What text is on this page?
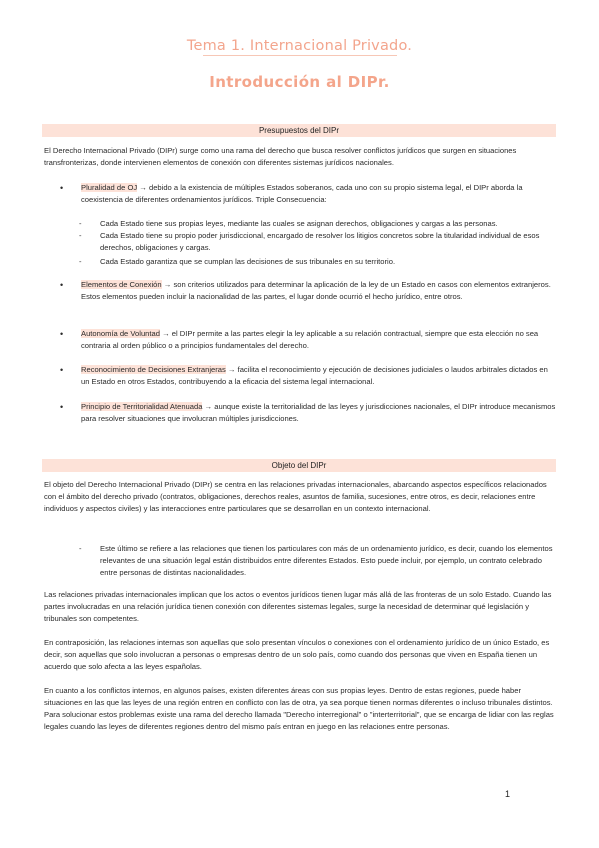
Tema 1. Internacional Privado.
Introducción al DIPr.
Presupuestos del DIPr
El Derecho Internacional Privado (DIPr) surge como una rama del derecho que busca resolver conflictos jurídicos que surgen en situaciones transfronterizas, donde intervienen elementos de conexión con diferentes sistemas jurídicos nacionales.
•	Pluralidad de OJ → debido a la existencia de múltiples Estados soberanos, cada uno con su propio sistema legal, el DIPr aborda la coexistencia de diferentes ordenamientos jurídicos. Triple Consecuencia:
- Cada Estado tiene sus propias leyes, mediante las cuales se asignan derechos, obligaciones y cargas a las personas.
- Cada Estado tiene su propio poder jurisdiccional, encargado de resolver los litigios concretos sobre la titularidad individual de esos derechos, obligaciones y cargas.
- Cada Estado garantiza que se cumplan las decisiones de sus tribunales en su territorio.
•	Elementos de Conexión → son criterios utilizados para determinar la aplicación de la ley de un Estado en casos con elementos extranjeros. Estos elementos pueden incluir la nacionalidad de las partes, el lugar donde ocurrió el hecho jurídico, entre otros.
•	Autonomía de Voluntad → el DIPr permite a las partes elegir la ley aplicable a su relación contractual, siempre que esta elección no sea contraria al orden público o a principios fundamentales del derecho.
•	Reconocimiento de Decisiones Extranjeras → facilita el reconocimiento y ejecución de decisiones judiciales o laudos arbitrales dictados en un Estado en otros Estados, contribuyendo a la eficacia del sistema legal internacional.
•	Principio de Territorialidad Atenuada → aunque existe la territorialidad de las leyes y jurisdicciones nacionales, el DIPr introduce mecanismos para resolver situaciones que involucran múltiples jurisdicciones.
Objeto del DIPr
El objeto del Derecho Internacional Privado (DIPr) se centra en las relaciones privadas internacionales, abarcando aspectos específicos relacionados con el ámbito del derecho privado (contratos, obligaciones, derechos reales, asuntos de familia, sucesiones, entre otros, es decir, relaciones entre individuos y aspectos civiles) y las interacciones entre particulares que se desarrollan en un contexto internacional.
- Este último se refiere a las relaciones que tienen los particulares con más de un ordenamiento jurídico, es decir, cuando los elementos relevantes de una situación legal están distribuidos entre diferentes Estados. Esto puede incluir, por ejemplo, un contrato celebrado entre personas de distintas nacionalidades.
Las relaciones privadas internacionales implican que los actos o eventos jurídicos tienen lugar más allá de las fronteras de un solo Estado. Cuando las partes involucradas en una relación jurídica tienen conexión con diferentes sistemas legales, surge la necesidad de determinar qué legislación y tribunales son competentes.
En contraposición, las relaciones internas son aquellas que solo presentan vínculos o conexiones con el ordenamiento jurídico de un único Estado, es decir, son aquellas que solo involucran a personas o empresas dentro de un solo país, como cuando dos personas que viven en España tienen un acuerdo que solo afecta a las leyes españolas.
En cuanto a los conflictos internos, en algunos países, existen diferentes áreas con sus propias leyes. Dentro de estas regiones, puede haber situaciones en las que las leyes de una región entren en conflicto con las de otra, ya sea porque tienen normas diferentes o incluso tribunales distintos. Para solucionar estos problemas existe una rama del derecho llamada "Derecho interregional" o "interterritorial", que se encarga de lidiar con las reglas legales cuando las leyes de diferentes regiones dentro del mismo país entran en juego en las relaciones entre personas.
1
